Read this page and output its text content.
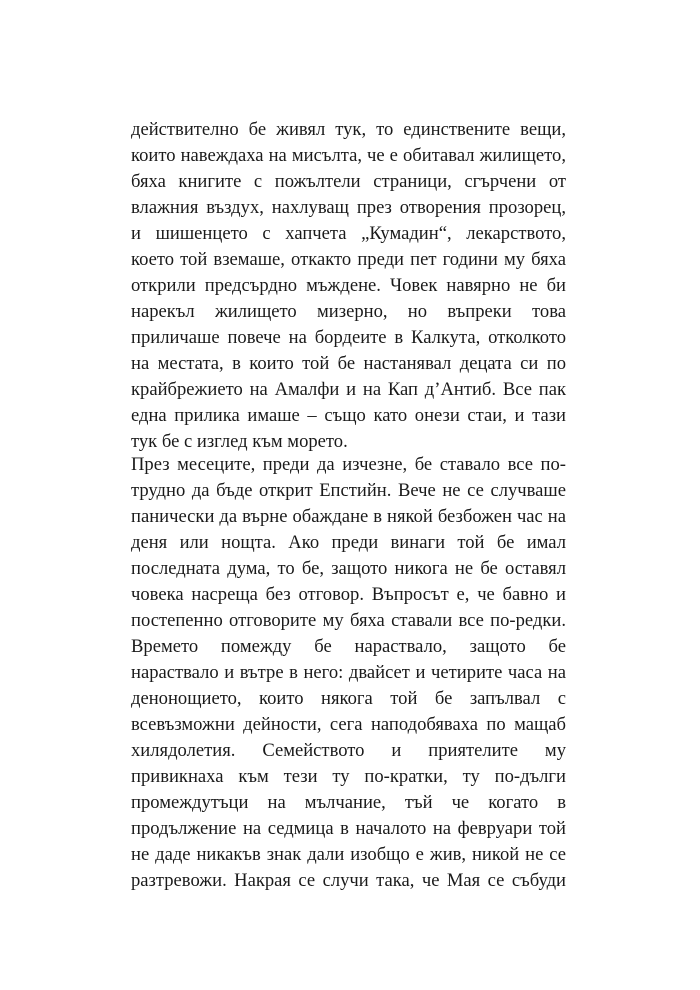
действително бе живял тук, то единствените вещи,
които навеждаха на мисълта, че е обитавал жилището,
бяха книгите с пожълтели страници, сгърчени от
влажния въздух, нахлуващ през отворения прозорец,
и шишенцето с хапчета „Кумадин“, лекарството,
което той вземаше, откакто преди пет години му бяха
открили предсърдно мъждене. Човек навярно не би
нарекъл жилището мизерно, но въпреки това
приличаше повече на бордеите в Калкута, отколкото
на местата, в които той бе настанявал децата си по
крайбрежието на Амалфи и на Кап д’Антиб. Все пак
една прилика имаше – също като онези стаи, и тази
тук бе с изглед към морето.
През месеците, преди да изчезне, бе ставало все по-
трудно да бъде открит Епстийн. Вече не се случваше
панически да върне обаждане в някой безбожен час на
деня или нощта. Ако преди винаги той бе имал
последната дума, то бе, защото никога не бе оставял
човека насреща без отговор. Въпросът е, че бавно и
постепенно отговорите му бяха ставали все по-редки.
Времето помежду бе нараствало, защото бе
нараствало и вътре в него: двайсет и четирите часа на
денонощието, които някога той бе запълвал с
всевъзможни дейности, сега наподобяваха по мащаб
хилядолетия. Семейството и приятелите му
привикнаха към тези ту по-кратки, ту по-дълги
промеждутъци на мълчание, тъй че когато в
продължение на седмица в началото на февруари той
не даде никакъв знак дали изобщо е жив, никой не се
разтревожи. Накрая се случи така, че Мая се събуди
